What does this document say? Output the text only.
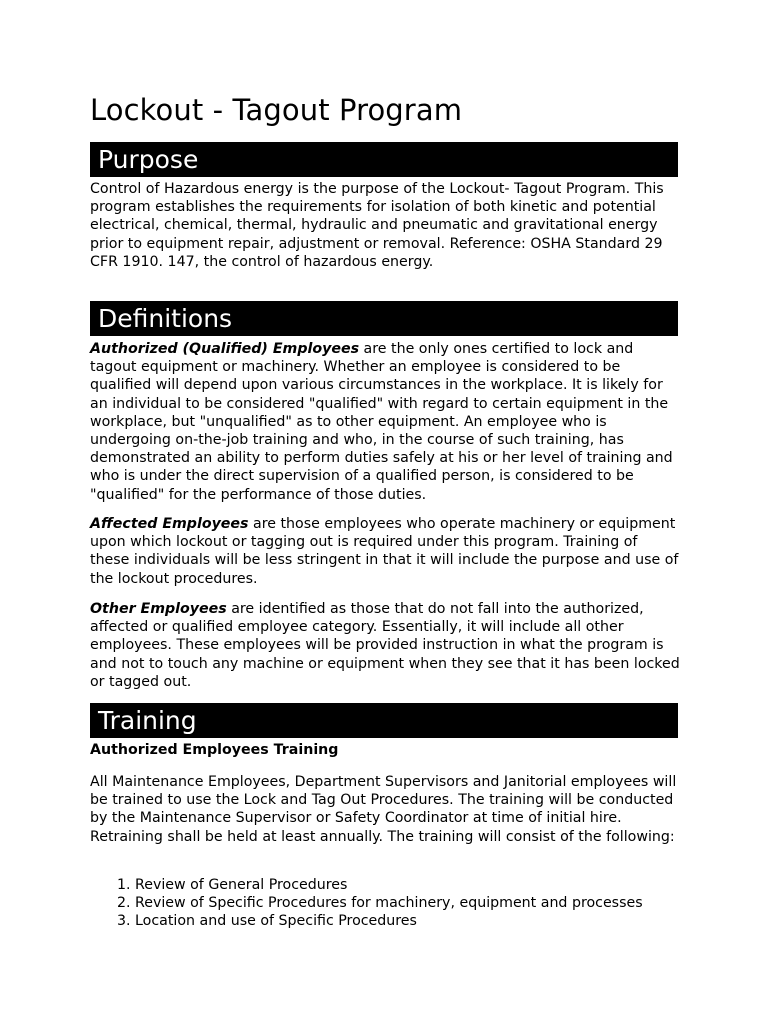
Lockout - Tagout Program
Purpose

Control of Hazardous energy is the purpose of the Lockout- Tagout Program. This program establishes the requirements for isolation of both kinetic and potential electrical, chemical, thermal, hydraulic and pneumatic and gravitational energy prior to equipment repair, adjustment or removal. Reference: OSHA Standard 29 CFR 1910. 147, the control of hazardous energy.

Definitions

Authorized (Qualified) Employees are the only ones certified to lock and tagout equipment or machinery. Whether an employee is considered to be qualified will depend upon various circumstances in the workplace. It is likely for an individual to be considered "qualified" with regard to certain equipment in the workplace, but "unqualified" as to other equipment. An employee who is undergoing on-the-job training and who, in the course of such training, has demonstrated an ability to perform duties safely at his or her level of training and who is under the direct supervision of a qualified person, is considered to be "qualified" for the performance of those duties.

Affected Employees are those employees who operate machinery or equipment upon which lockout or tagging out is required under this program. Training of these individuals will be less stringent in that it will include the purpose and use of the lockout procedures.

Other Employees are identified as those that do not fall into the authorized, affected or qualified employee category. Essentially, it will include all other employees. These employees will be provided instruction in what the program is and not to touch any machine or equipment when they see that it has been locked or tagged out.

Training

Authorized Employees Training

All Maintenance Employees, Department Supervisors and Janitorial employees will be trained to use the Lock and Tag Out Procedures. The training will be conducted by the Maintenance Supervisor or Safety Coordinator at time of initial hire. Retraining shall be held at least annually. The training will consist of the following:

1. Review of General Procedures
2. Review of Specific Procedures for machinery, equipment and processes
3. Location and use of Specific Procedures
